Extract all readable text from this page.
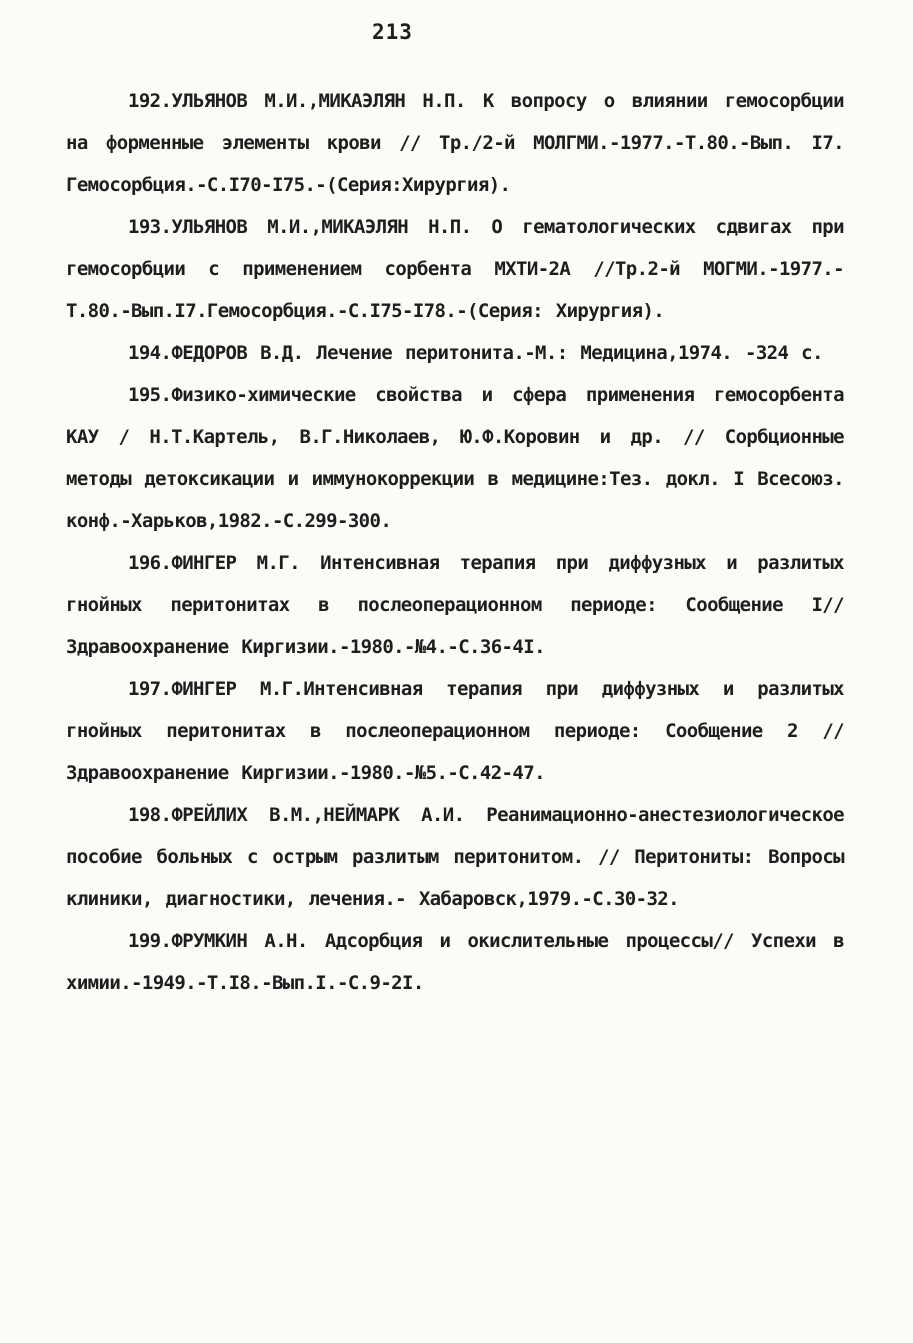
213

192.УЛЬЯНОВ М.И.,МИКАЭЛЯН Н.П. К вопросу о влиянии гемосорбции на форменные элементы крови // Тр./2-й МОЛГМИ.-1977.-Т.80.-Вып. I7. Гемосорбция.-С.I70-I75.-(Серия:Хирургия).

193.УЛЬЯНОВ М.И.,МИКАЭЛЯН Н.П. О гематологических сдвигах при гемосорбции с применением сорбента МХТИ-2А //Тр.2-й МОГМИ.-1977.-Т.80.-Вып.I7.Гемосорбция.-С.I75-I78.-(Серия: Хирургия).

194.ФЕДОРОВ В.Д. Лечение перитонита.-М.: Медицина,1974. -324 с.

195.Физико-химические свойства и сфера применения гемосорбента КАУ / Н.Т.Картель, В.Г.Николаев, Ю.Ф.Коровин и др. // Сорбционные методы детоксикации и иммунокоррекции в медицине:Тез. докл. I Всесоюз. конф.-Харьков,1982.-С.299-300.

196.ФИНГЕР М.Г. Интенсивная терапия при диффузных и разлитых гнойных перитонитах в послеоперационном периоде: Сообщение I// Здравоохранение Киргизии.-1980.-№4.-С.36-4I.

197.ФИНГЕР М.Г.Интенсивная терапия при диффузных и разлитых гнойных перитонитах в послеоперационном периоде: Сообщение 2 // Здравоохранение Киргизии.-1980.-№5.-С.42-47.

198.ФРЕЙЛИХ В.М.,НЕЙМАРК А.И. Реанимационно-анестезиологическое пособие больных с острым разлитым перитонитом. // Перитониты: Вопросы клиники, диагностики, лечения.- Хабаровск,1979.-С.30-32.

199.ФРУМКИН А.Н. Адсорбция и окислительные процессы// Успехи в химии.-1949.-Т.I8.-Вып.I.-С.9-2I.
